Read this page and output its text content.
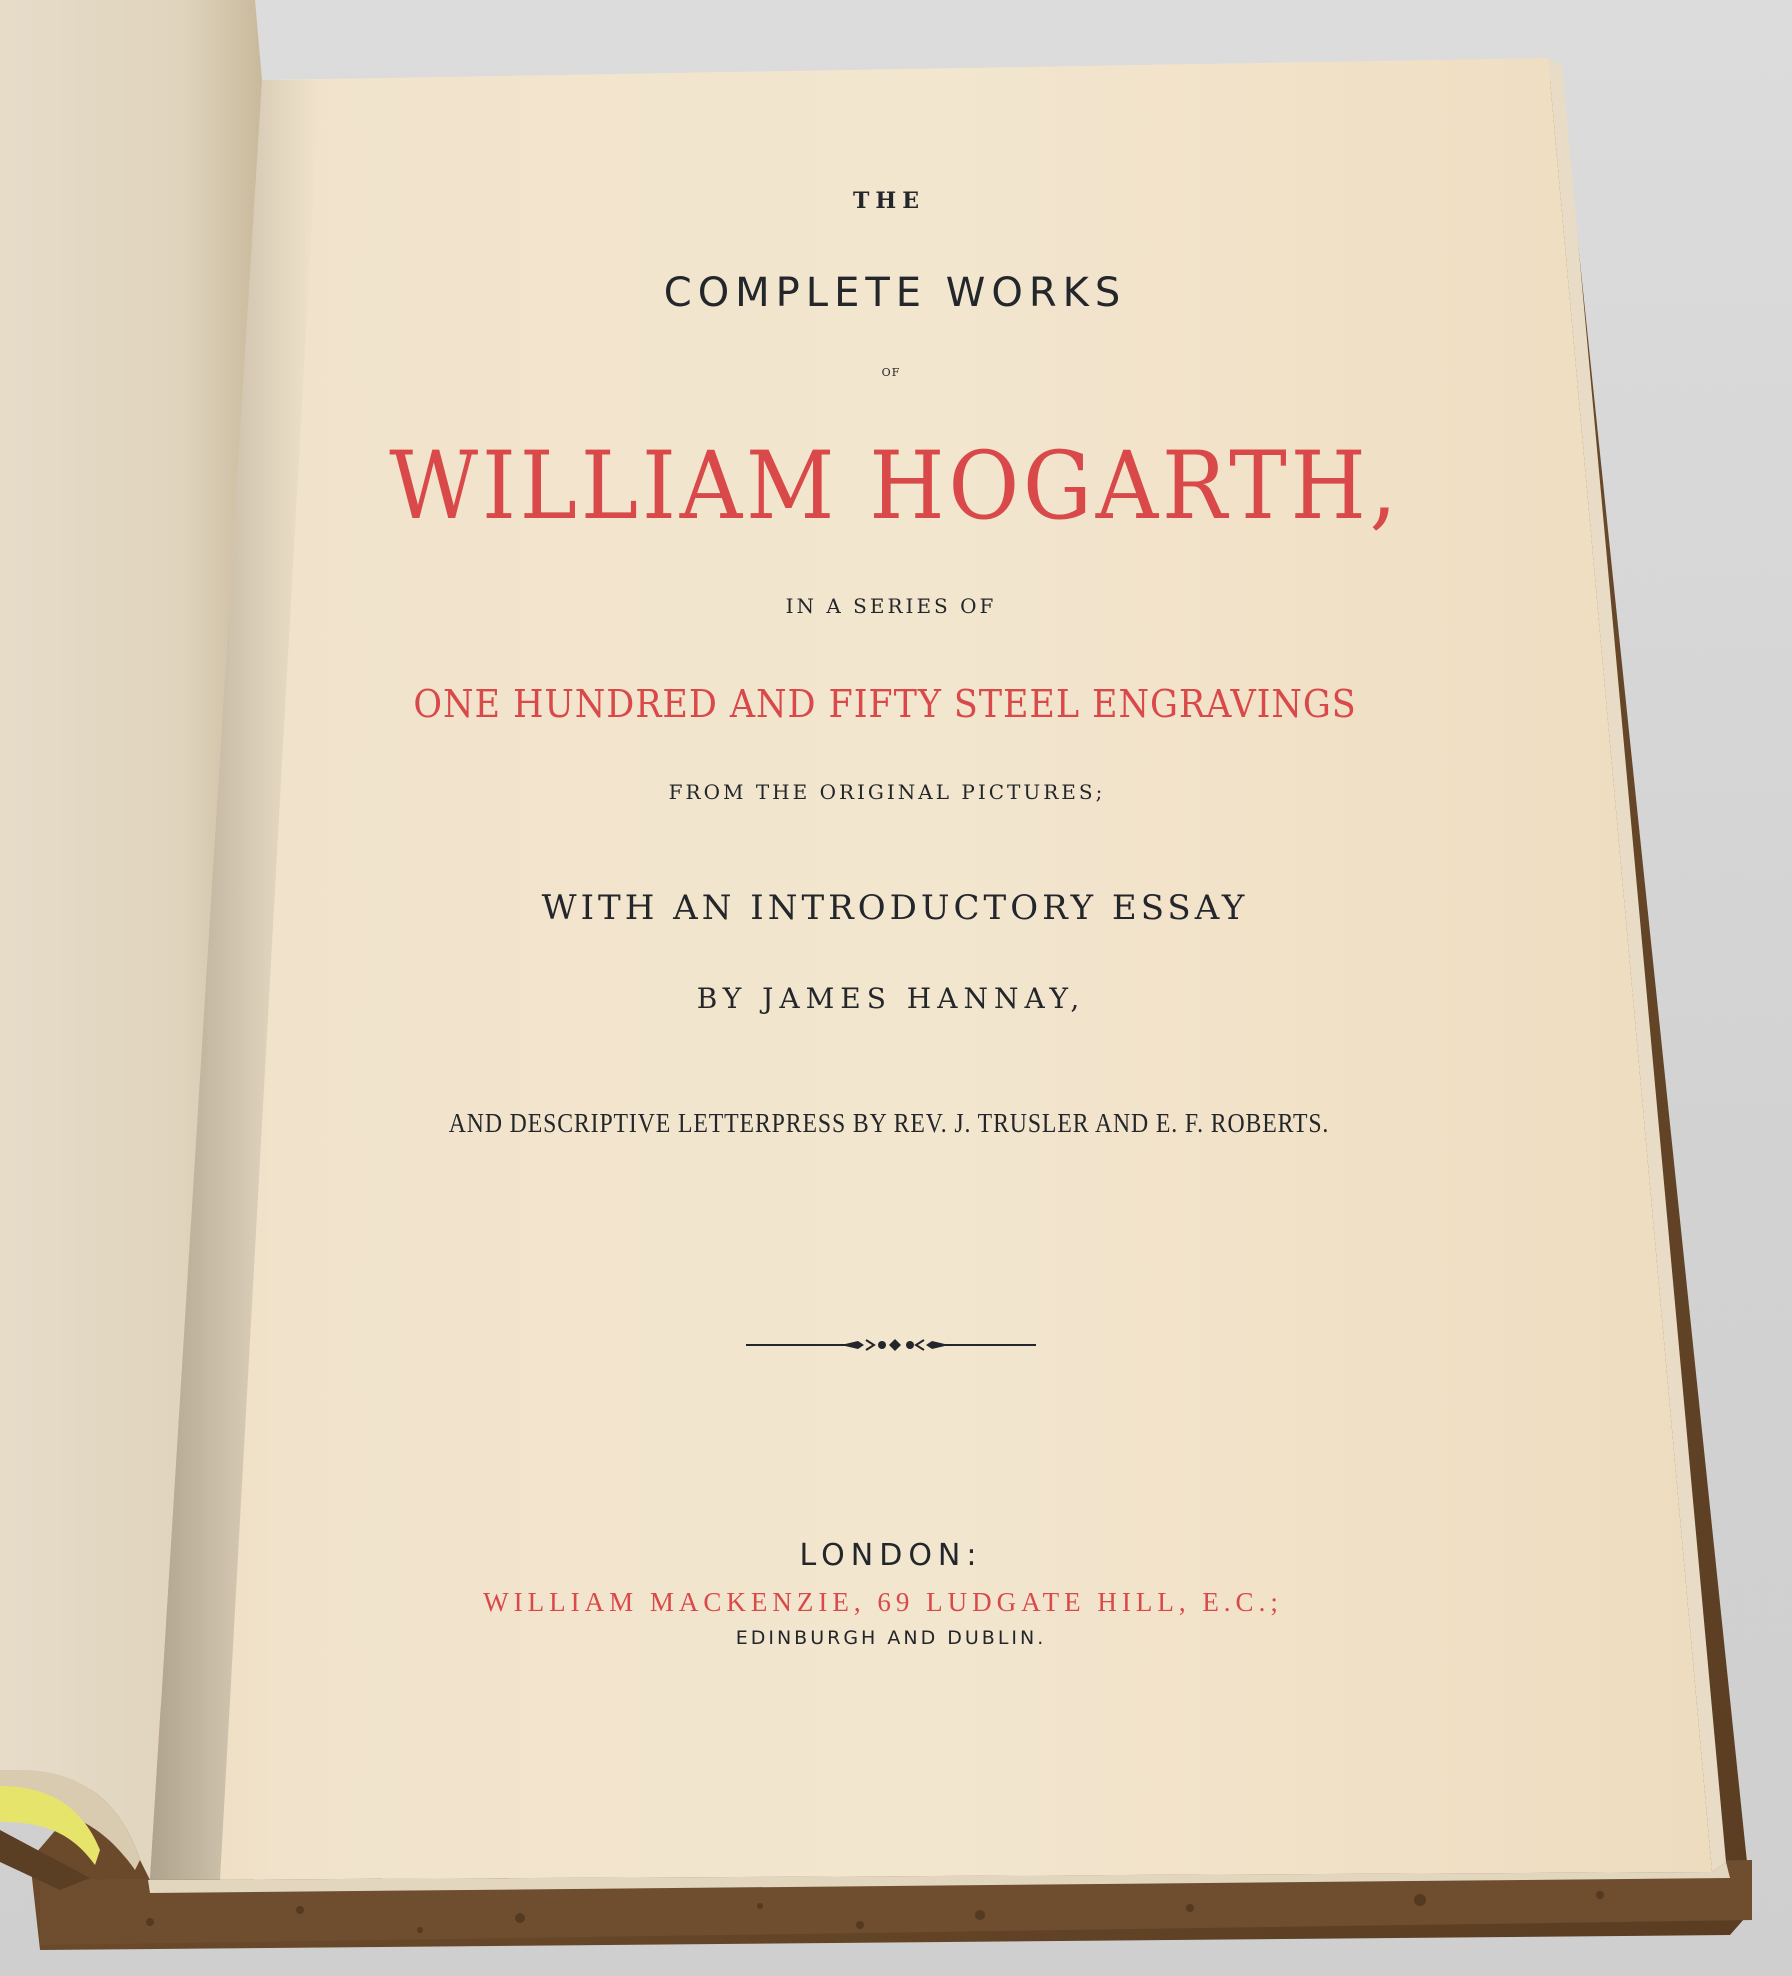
THE
COMPLETE WORKS
OF
WILLIAM HOGARTH,
IN A SERIES OF
ONE HUNDRED AND FIFTY STEEL ENGRAVINGS
FROM THE ORIGINAL PICTURES;
WITH AN INTRODUCTORY ESSAY
BY JAMES HANNAY,
AND DESCRIPTIVE LETTERPRESS BY REV. J. TRUSLER AND E. F. ROBERTS.
LONDON:
WILLIAM MACKENZIE, 69 LUDGATE HILL, E.C.;
EDINBURGH AND DUBLIN.
